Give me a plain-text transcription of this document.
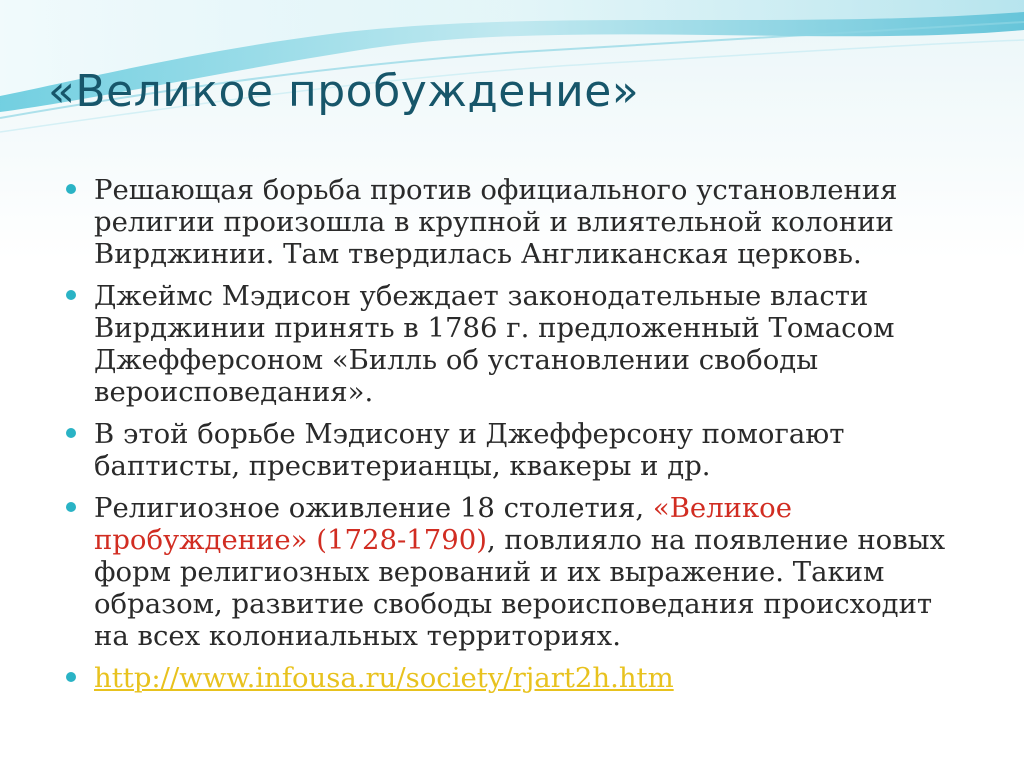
«Великое пробуждение»
Решающая борьба против официального установления религии произошла в крупной и влиятельной колонии Вирджинии. Там твердилась Англиканская церковь.
Джеймс Мэдисон убеждает законодательные власти Вирджинии принять в 1786 г. предложенный Томасом Джефферсоном «Билль об установлении свободы вероисповедания».
В этой борьбе Мэдисону и Джефферсону помогают баптисты, пресвитерианцы, квакеры и др.
Религиозное оживление 18 столетия, «Великое пробуждение» (1728-1790), повлияло на появление новых форм религиозных верований и их выражение. Таким образом, развитие свободы вероисповедания происходит на всех колониальных территориях.
http://www.infousa.ru/society/rjart2h.htm
